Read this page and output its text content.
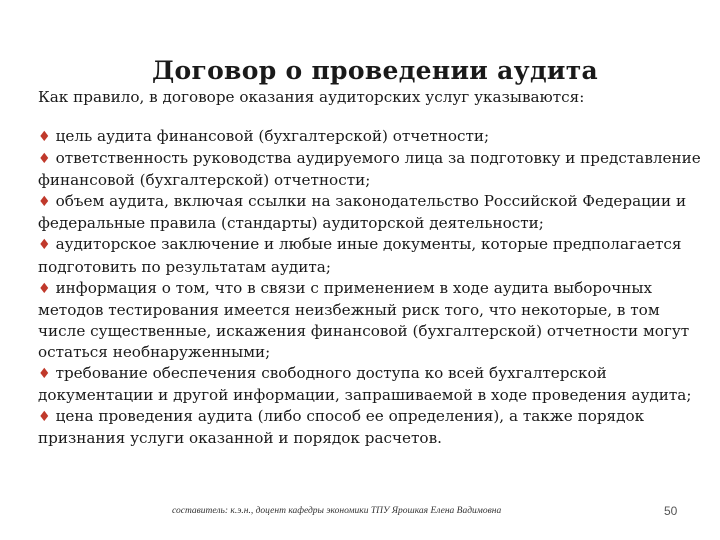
Договор о проведении аудита
Как правило, в договоре оказания аудиторских услуг указываются:
♦ цель аудита финансовой (бухгалтерской) отчетности;
♦ ответственность руководства аудируемого лица за подготовку и представление финансовой (бухгалтерской) отчетности;
♦ объем аудита, включая ссылки на законодательство Российской Федерации и федеральные правила (стандарты) аудиторской деятельности;
♦ аудиторское заключение и любые иные документы, которые предполагается подготовить по результатам аудита;
♦ информация о том, что в связи с применением в ходе аудита выборочных методов тестирования имеется неизбежный риск того, что некоторые, в том числе существенные, искажения финансовой (бухгалтерской) отчетности могут остаться необнаруженными;
♦ требование обеспечения свободного доступа ко всей бухгалтерской документации и другой информации, запрашиваемой в ходе проведения аудита;
♦ цена проведения аудита (либо способ ее определения), а также порядок признания услуги оказанной и порядок расчетов.
составитель: к.э.н., доцент кафедры экономики ТПУ Ярошкая Елена Вадимовна	50
